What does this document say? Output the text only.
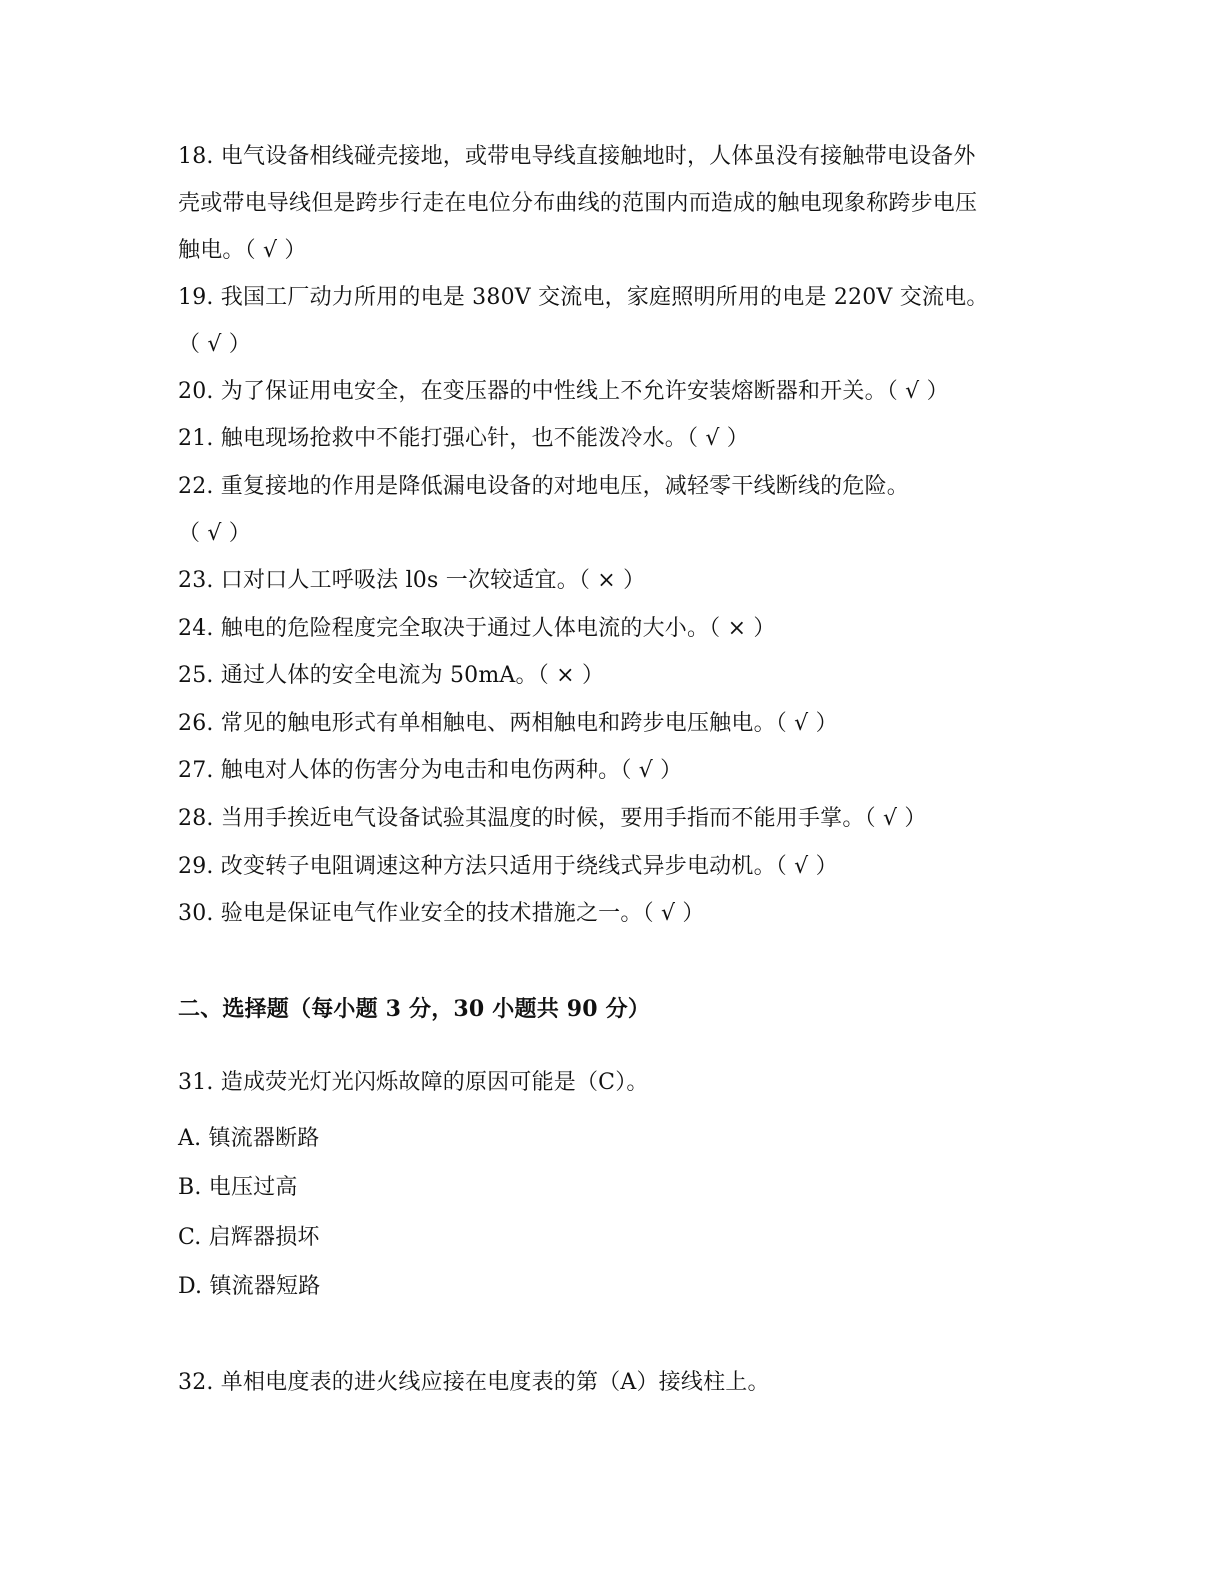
18. 电气设备相线碰壳接地，或带电导线直接触地时，人体虽没有接触带电设备外
壳或带电导线但是跨步行走在电位分布曲线的范围内而造成的触电现象称跨步电压
触电。（ √ ）
19. 我国工厂动力所用的电是 380V 交流电，家庭照明所用的电是 220V 交流电。
（ √ ）
20. 为了保证用电安全，在变压器的中性线上不允许安装熔断器和开关。（ √ ）
21. 触电现场抢救中不能打强心针，也不能泼冷水。（ √ ）
22. 重复接地的作用是降低漏电设备的对地电压，减轻零干线断线的危险。
（ √ ）
23. 口对口人工呼吸法 l0s 一次较适宜。（ × ）
24. 触电的危险程度完全取决于通过人体电流的大小。（ × ）
25. 通过人体的安全电流为 50mA。（ × ）
26. 常见的触电形式有单相触电、两相触电和跨步电压触电。（ √ ）
27. 触电对人体的伤害分为电击和电伤两种。（ √ ）
28. 当用手挨近电气设备试验其温度的时候，要用手指而不能用手掌。（ √ ）
29. 改变转子电阻调速这种方法只适用于绕线式异步电动机。（ √ ）
30. 验电是保证电气作业安全的技术措施之一。（ √ ）
二、选择题（每小题 3 分，30 小题共 90 分）
31. 造成荧光灯光闪烁故障的原因可能是（C）。
A. 镇流器断路
B. 电压过高
C. 启辉器损坏
D. 镇流器短路
32. 单相电度表的进火线应接在电度表的第（A）接线柱上。
